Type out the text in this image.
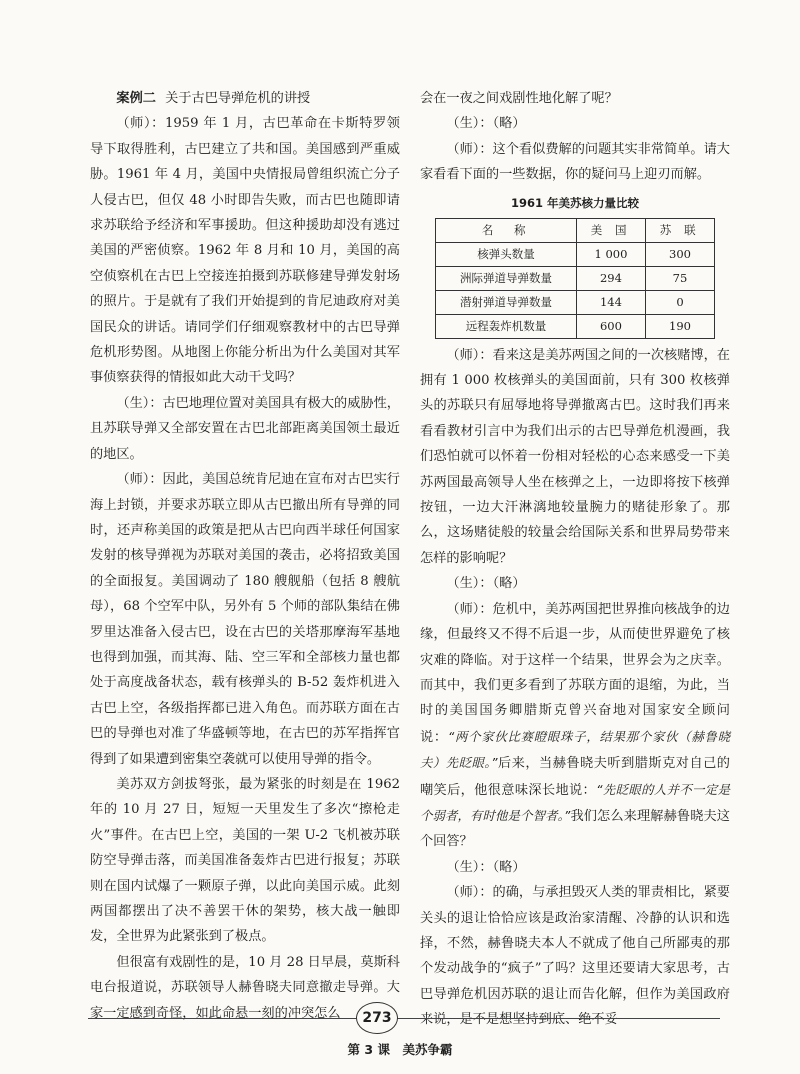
案例二 关于古巴导弹危机的讲授

（师）：1959 年 1 月，古巴革命在卡斯特罗领导下取得胜利，古巴建立了共和国。美国感到严重威胁。1961 年 4 月，美国中央情报局曾组织流亡分子人侵古巴，但仅 48 小时即告失败，而古巴也随即请求苏联给予经济和军事援助。但这种援助却没有逃过美国的严密侦察。1962 年 8 月和 10 月，美国的高空侦察机在古巴上空接连拍摄到苏联修建导弹发射场的照片。于是就有了我们开始提到的肯尼迪政府对美国民众的讲话。请同学们仔细观察教材中的古巴导弹危机形势图。从地图上你能分析出为什么美国对其军事侦察获得的情报如此大动干戈吗？

（生）：古巴地理位置对美国具有极大的威胁性，且苏联导弹又全部安置在古巴北部距离美国领土最近的地区。

（师）：因此，美国总统肯尼迪在宣布对古巴实行海上封锁，并要求苏联立即从古巴撤出所有导弹的同时，还声称美国的政策是把从古巴向西半球任何国家发射的核导弹视为苏联对美国的袭击，必将招致美国的全面报复。美国调动了 180 艘舰船（包括 8 艘航母），68 个空军中队，另外有 5 个师的部队集结在佛罗里达准备入侵古巴，设在古巴的关塔那摩海军基地也得到加强，而其海、陆、空三军和全部核力量也都处于高度战备状态，载有核弹头的 B-52 轰炸机进入古巴上空，各级指挥都已进入角色。而苏联方面在古巴的导弹也对准了华盛顿等地，在古巴的苏军指挥官得到了如果遭到密集空袭就可以使用导弹的指令。

美苏双方剑拔弩张，最为紧张的时刻是在 1962 年的 10 月 27 日，短短一天里发生了多次“擦枪走火”事件。在古巴上空，美国的一架 U-2 飞机被苏联防空导弹击落，而美国准备轰炸古巴进行报复；苏联则在国内试爆了一颗原子弹，以此向美国示威。此刻两国都摆出了决不善罢干休的架势，核大战一触即发，全世界为此紧张到了极点。

但很富有戏剧性的是，10 月 28 日早晨，莫斯科电台报道说，苏联领导人赫鲁晓夫同意撤走导弹。大家一定感到奇怪，如此命悬一刻的冲突怎么

会在一夜之间戏剧性地化解了呢？

（生）：（略）

（师）：这个看似费解的问题其实非常简单。请大家看看下面的一些数据，你的疑问马上迎刃而解。

1961 年美苏核力量比较
名　称	美 国	苏 联
核弹头数量	1 000	300
洲际弹道导弹数量	294	75
潜射弹道导弹数量	144	0
远程轰炸机数量	600	190

（师）：看来这是美苏两国之间的一次核赌博，在拥有 1 000 枚核弹头的美国面前，只有 300 枚核弹头的苏联只有屈辱地将导弹撤离古巴。这时我们再来看看教材引言中为我们出示的古巴导弹危机漫画，我们恐怕就可以怀着一份相对轻松的心态来感受一下美苏两国最高领导人坐在核弹之上，一边即将按下核弹按钮，一边大汗淋漓地较量腕力的赌徒形象了。那么，这场赌徒般的较量会给国际关系和世界局势带来怎样的影响呢？

（生）：（略）

（师）：危机中，美苏两国把世界推向核战争的边缘，但最终又不得不后退一步，从而使世界避免了核灾难的降临。对于这样一个结果，世界会为之庆幸。而其中，我们更多看到了苏联方面的退缩，为此，当时的美国国务卿腊斯克曾兴奋地对国家安全顾问说：“两个家伙比赛瞪眼珠子，结果那个家伙（赫鲁晓夫）先眨眼。”后来，当赫鲁晓夫听到腊斯克对自己的嘲笑后，他很意味深长地说：“先眨眼的人并不一定是个弱者，有时他是个智者。”我们怎么来理解赫鲁晓夫这个回答？

（生）：（略）

（师）：的确，与承担毁灭人类的罪责相比，紧要关头的退让恰恰应该是政治家清醒、冷静的认识和选择，不然，赫鲁晓夫本人不就成了他自己所鄙夷的那个发动战争的“疯子”了吗？这里还要请大家思考，古巴导弹危机因苏联的退让而告化解，但作为美国政府来说，是不是想坚持到底、绝不妥

273
第 3 课　美苏争霸
